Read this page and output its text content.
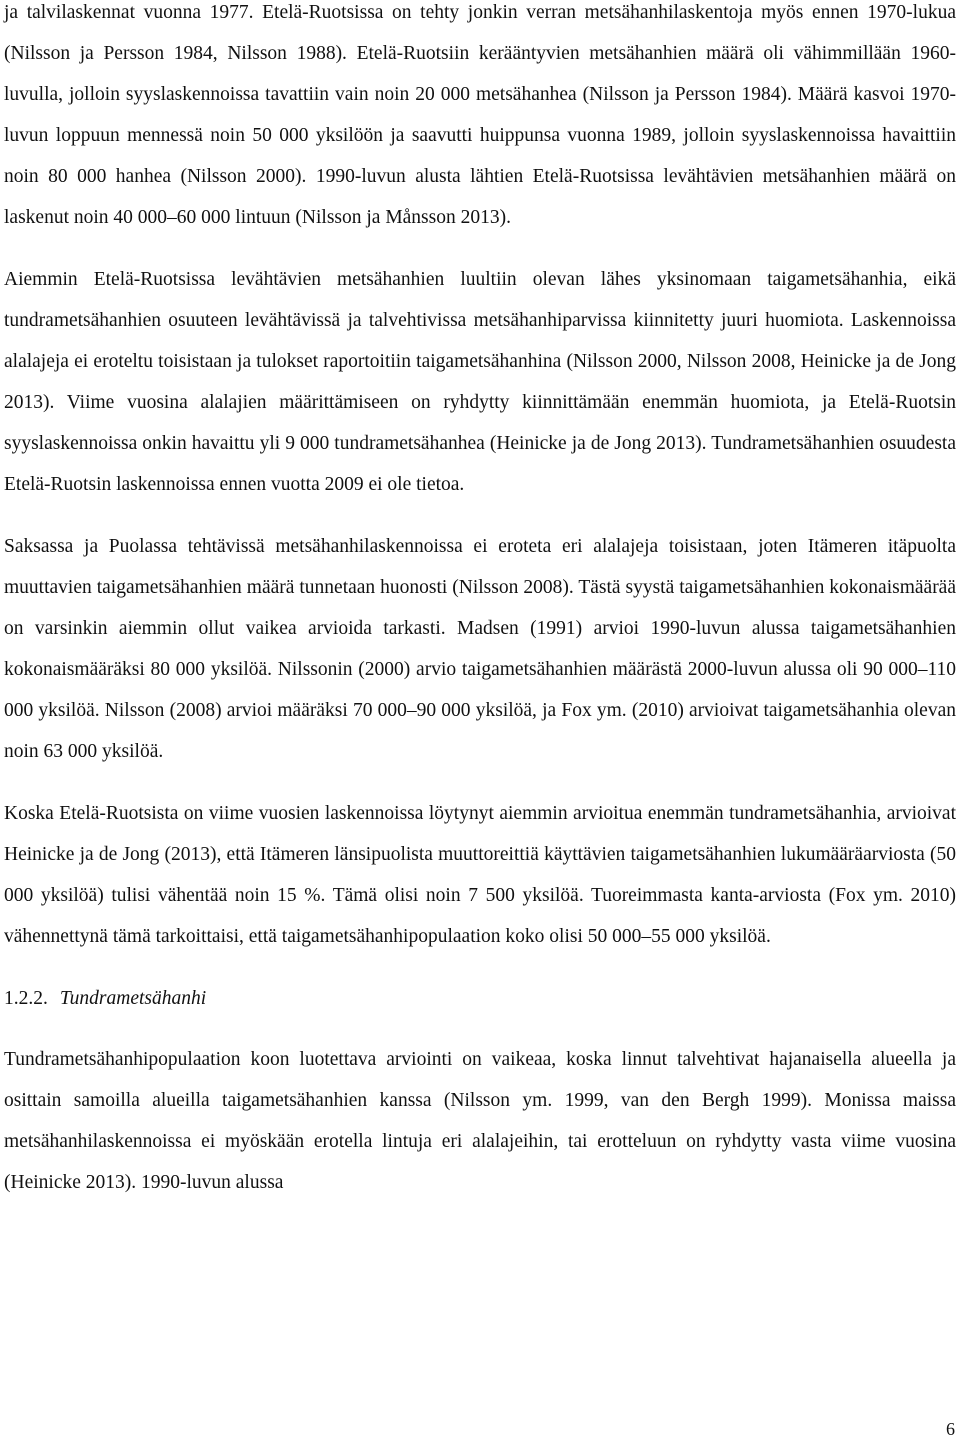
ja talvilaskennat vuonna 1977. Etelä-Ruotsissa on tehty jonkin verran metsähanhilaskentoja myös ennen 1970-lukua (Nilsson ja Persson 1984, Nilsson 1988). Etelä-Ruotsiin kerääntyvien metsähanhien määrä oli vähimmillään 1960-luvulla, jolloin syyslaskennoissa tavattiin vain noin 20 000 metsähanhea (Nilsson ja Persson 1984). Määrä kasvoi 1970-luvun loppuun mennessä noin 50 000 yksilöön ja saavutti huippunsa vuonna 1989, jolloin syyslaskennoissa havaittiin noin 80 000 hanhea (Nilsson 2000). 1990-luvun alusta lähtien Etelä-Ruotsissa levähtävien metsähanhien määrä on laskenut noin 40 000–60 000 lintuun (Nilsson ja Månsson 2013).

Aiemmin Etelä-Ruotsissa levähtävien metsähanhien luultiin olevan lähes yksinomaan taigametsähanhia, eikä tundrametsähanhien osuuteen levähtävissä ja talvehtivissa metsähanhiparvissa kiinnitetty juuri huomiota. Laskennoissa alalajeja ei eroteltu toisistaan ja tulokset raportoitiin taigametsähanhina (Nilsson 2000, Nilsson 2008, Heinicke ja de Jong 2013). Viime vuosina alalajien määrittämiseen on ryhdytty kiinnittämään enemmän huomiota, ja Etelä-Ruotsin syyslaskennoissa onkin havaittu yli 9 000 tundrametsähanhea (Heinicke ja de Jong 2013). Tundrametsähanhien osuudesta Etelä-Ruotsin laskennoissa ennen vuotta 2009 ei ole tietoa.

Saksassa ja Puolassa tehtävissä metsähanhilaskennoissa ei eroteta eri alalajeja toisistaan, joten Itämeren itäpuolta muuttavien taigametsähanhien määrä tunnetaan huonosti (Nilsson 2008). Tästä syystä taigametsähanhien kokonaismäärää on varsinkin aiemmin ollut vaikea arvioida tarkasti. Madsen (1991) arvioi 1990-luvun alussa taigametsähanhien kokonaismääräksi 80 000 yksilöä. Nilssonin (2000) arvio taigametsähanhien määrästä 2000-luvun alussa oli 90 000–110 000 yksilöä. Nilsson (2008) arvioi määräksi 70 000–90 000 yksilöä, ja Fox ym. (2010) arvioivat taigametsähanhia olevan noin 63 000 yksilöä.

Koska Etelä-Ruotsista on viime vuosien laskennoissa löytynyt aiemmin arvioitua enemmän tundrametsähanhia, arvioivat Heinicke ja de Jong (2013), että Itämeren länsipuolista muuttoreittiä käyttävien taigametsähanhien lukumääräarviosta (50 000 yksilöä) tulisi vähentää noin 15 %. Tämä olisi noin 7 500 yksilöä. Tuoreimmasta kanta-arviosta (Fox ym. 2010) vähennettynä tämä tarkoittaisi, että taigametsähanhipopulaation koko olisi 50 000–55 000 yksilöä.

1.2.2. Tundrametsähanhi

Tundrametsähanhipopulaation koon luotettava arviointi on vaikeaa, koska linnut talvehtivat hajanaisella alueella ja osittain samoilla alueilla taigametsähanhien kanssa (Nilsson ym. 1999, van den Bergh 1999). Monissa maissa metsähanhilaskennoissa ei myöskään erotella lintuja eri alalajeihin, tai erotteluun on ryhdytty vasta viime vuosina (Heinicke 2013). 1990-luvun alussa

6
